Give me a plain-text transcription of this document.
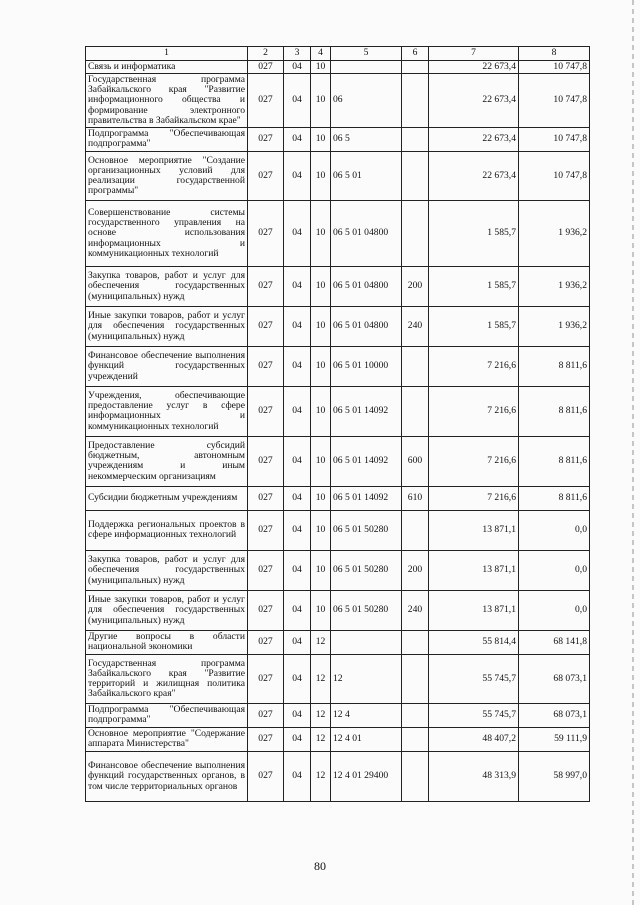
1	2	3	4	5	6	7	8
Связь и информатика	027	04	10			22 673,4	10 747,8
Государственная программа Забайкальского края "Развитие информационного общества и формирование электронного правительства в Забайкальском крае"	027	04	10	06		22 673,4	10 747,8
Подпрограмма "Обеспечивающая подпрограмма"	027	04	10	06 5		22 673,4	10 747,8
Основное мероприятие "Создание организационных условий для реализации государственной программы"	027	04	10	06 5 01		22 673,4	10 747,8
Совершенствование системы государственного управления на основе использования информационных и коммуникационных технологий	027	04	10	06 5 01 04800		1 585,7	1 936,2
Закупка товаров, работ и услуг для обеспечения государственных (муниципальных) нужд	027	04	10	06 5 01 04800	200	1 585,7	1 936,2
Иные закупки товаров, работ и услуг для обеспечения государственных (муниципальных) нужд	027	04	10	06 5 01 04800	240	1 585,7	1 936,2
Финансовое обеспечение выполнения функций государственных учреждений	027	04	10	06 5 01 10000		7 216,6	8 811,6
Учреждения, обеспечивающие предоставление услуг в сфере информационных и коммуникационных технологий	027	04	10	06 5 01 14092		7 216,6	8 811,6
Предоставление субсидий бюджетным, автономным учреждениям и иным некоммерческим организациям	027	04	10	06 5 01 14092	600	7 216,6	8 811,6
Субсидии бюджетным учреждениям	027	04	10	06 5 01 14092	610	7 216,6	8 811,6
Поддержка региональных проектов в сфере информационных технологий	027	04	10	06 5 01 50280		13 871,1	0,0
Закупка товаров, работ и услуг для обеспечения государственных (муниципальных) нужд	027	04	10	06 5 01 50280	200	13 871,1	0,0
Иные закупки товаров, работ и услуг для обеспечения государственных (муниципальных) нужд	027	04	10	06 5 01 50280	240	13 871,1	0,0
Другие вопросы в области национальной экономики	027	04	12			55 814,4	68 141,8
Государственная программа Забайкальского края "Развитие территорий и жилищная политика Забайкальского края"	027	04	12	12		55 745,7	68 073,1
Подпрограмма "Обеспечивающая подпрограмма"	027	04	12	12 4		55 745,7	68 073,1
Основное мероприятие "Содержание аппарата Министерства"	027	04	12	12 4 01		48 407,2	59 111,9
Финансовое обеспечение выполнения функций государственных органов, в том числе территориальных органов	027	04	12	12 4 01 29400		48 313,9	58 997,0
80
